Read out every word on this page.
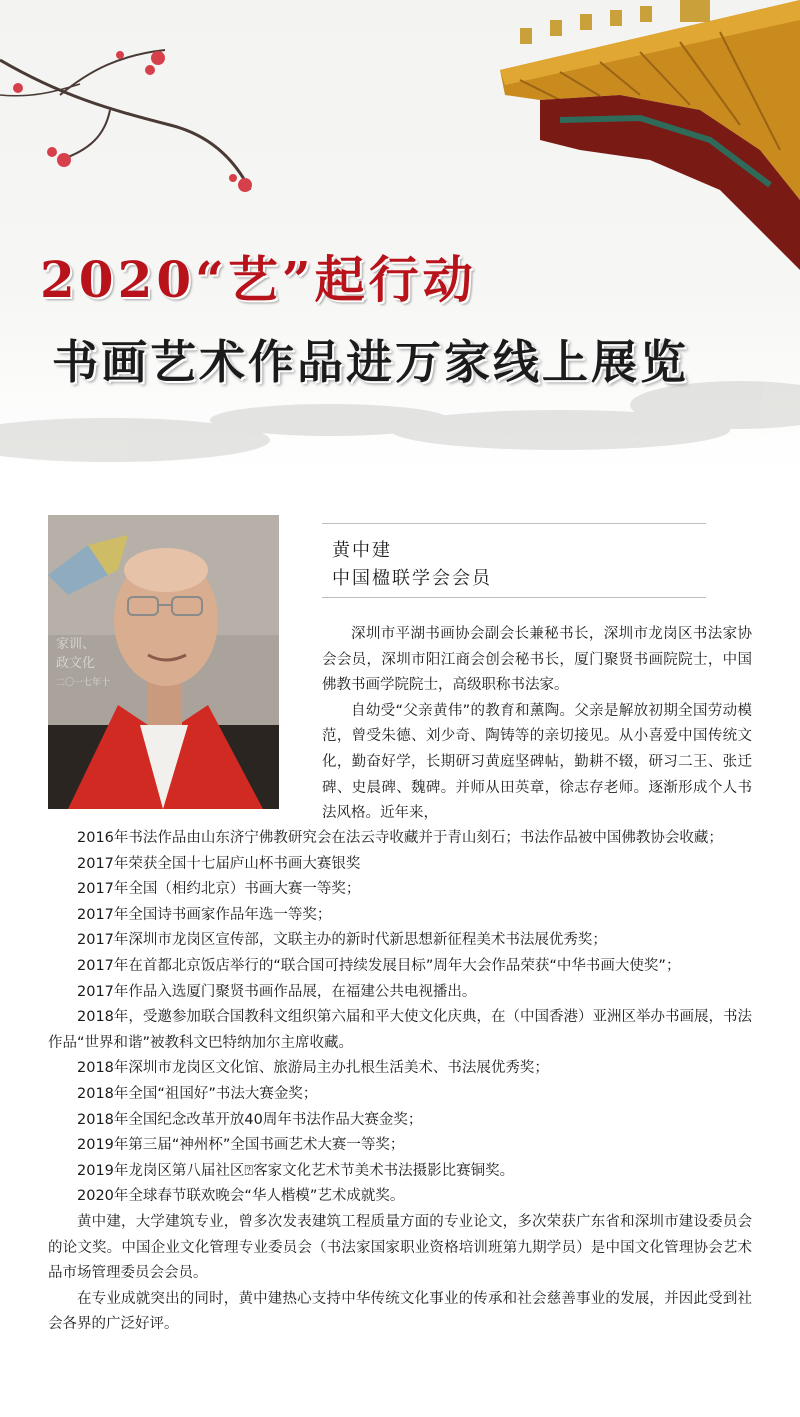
2020“艺”起行动
书画艺术作品进万家线上展览
家训、
政文化
二〇一七年十
黄中建
中国楹联学会会员

深圳市平湖书画协会副会长兼秘书长，深圳市龙岗区书法家协会会员，深圳市阳江商会创会秘书长，厦门聚贤书画院院士，中国佛教书画学院院士，高级职称书法家。

自幼受“父亲黄伟”的教育和薰陶。父亲是解放初期全国劳动模范，曾受朱德、刘少奇、陶铸等的亲切接见。从小喜爱中国传统文化，勤奋好学，长期研习黄庭坚碑帖，勤耕不辍，研习二王、张迁碑、史晨碑、魏碑。并师从田英章，徐志存老师。逐渐形成个人书法风格。近年来，

2016年书法作品由山东济宁佛教研究会在法云寺收藏并于青山刻石；书法作品被中国佛教协会收藏；

2017年荣获全国十七届庐山杯书画大赛银奖

2017年全国（相约北京）书画大赛一等奖；

2017年全国诗书画家作品年选一等奖；

2017年深圳市龙岗区宣传部，文联主办的新时代新思想新征程美术书法展优秀奖；

2017年在首都北京饭店举行的“联合国可持续发展目标”周年大会作品荣获“中华书画大使奖”；

2017年作品入选厦门聚贤书画作品展，在福建公共电视播出。

2018年，受邀参加联合国教科文组织第六届和平大使文化庆典，在（中国香港）亚洲区举办书画展，书法作品“世界和谐”被教科文巴特纳加尔主席收藏。

2018年深圳市龙岗区文化馆、旅游局主办扎根生活美术、书法展优秀奖；

2018年全国“祖国好”书法大赛金奖；

2018年全国纪念改革开放40周年书法作品大赛金奖；

2019年第三届“神州杯”全国书画艺术大赛一等奖；

2019年龙岗区第八届社区⍰客家文化艺术节美术书法摄影比赛铜奖。

2020年全球春节联欢晚会“华人楷模”艺术成就奖。

黄中建，大学建筑专业，曾多次发表建筑工程质量方面的专业论文，多次荣获广东省和深圳市建设委员会的论文奖。中国企业文化管理专业委员会（书法家国家职业资格培训班第九期学员）是中国文化管理协会艺术品市场管理委员会会员。

在专业成就突出的同时，黄中建热心支持中华传统文化事业的传承和社会慈善事业的发展，并因此受到社会各界的广泛好评。
